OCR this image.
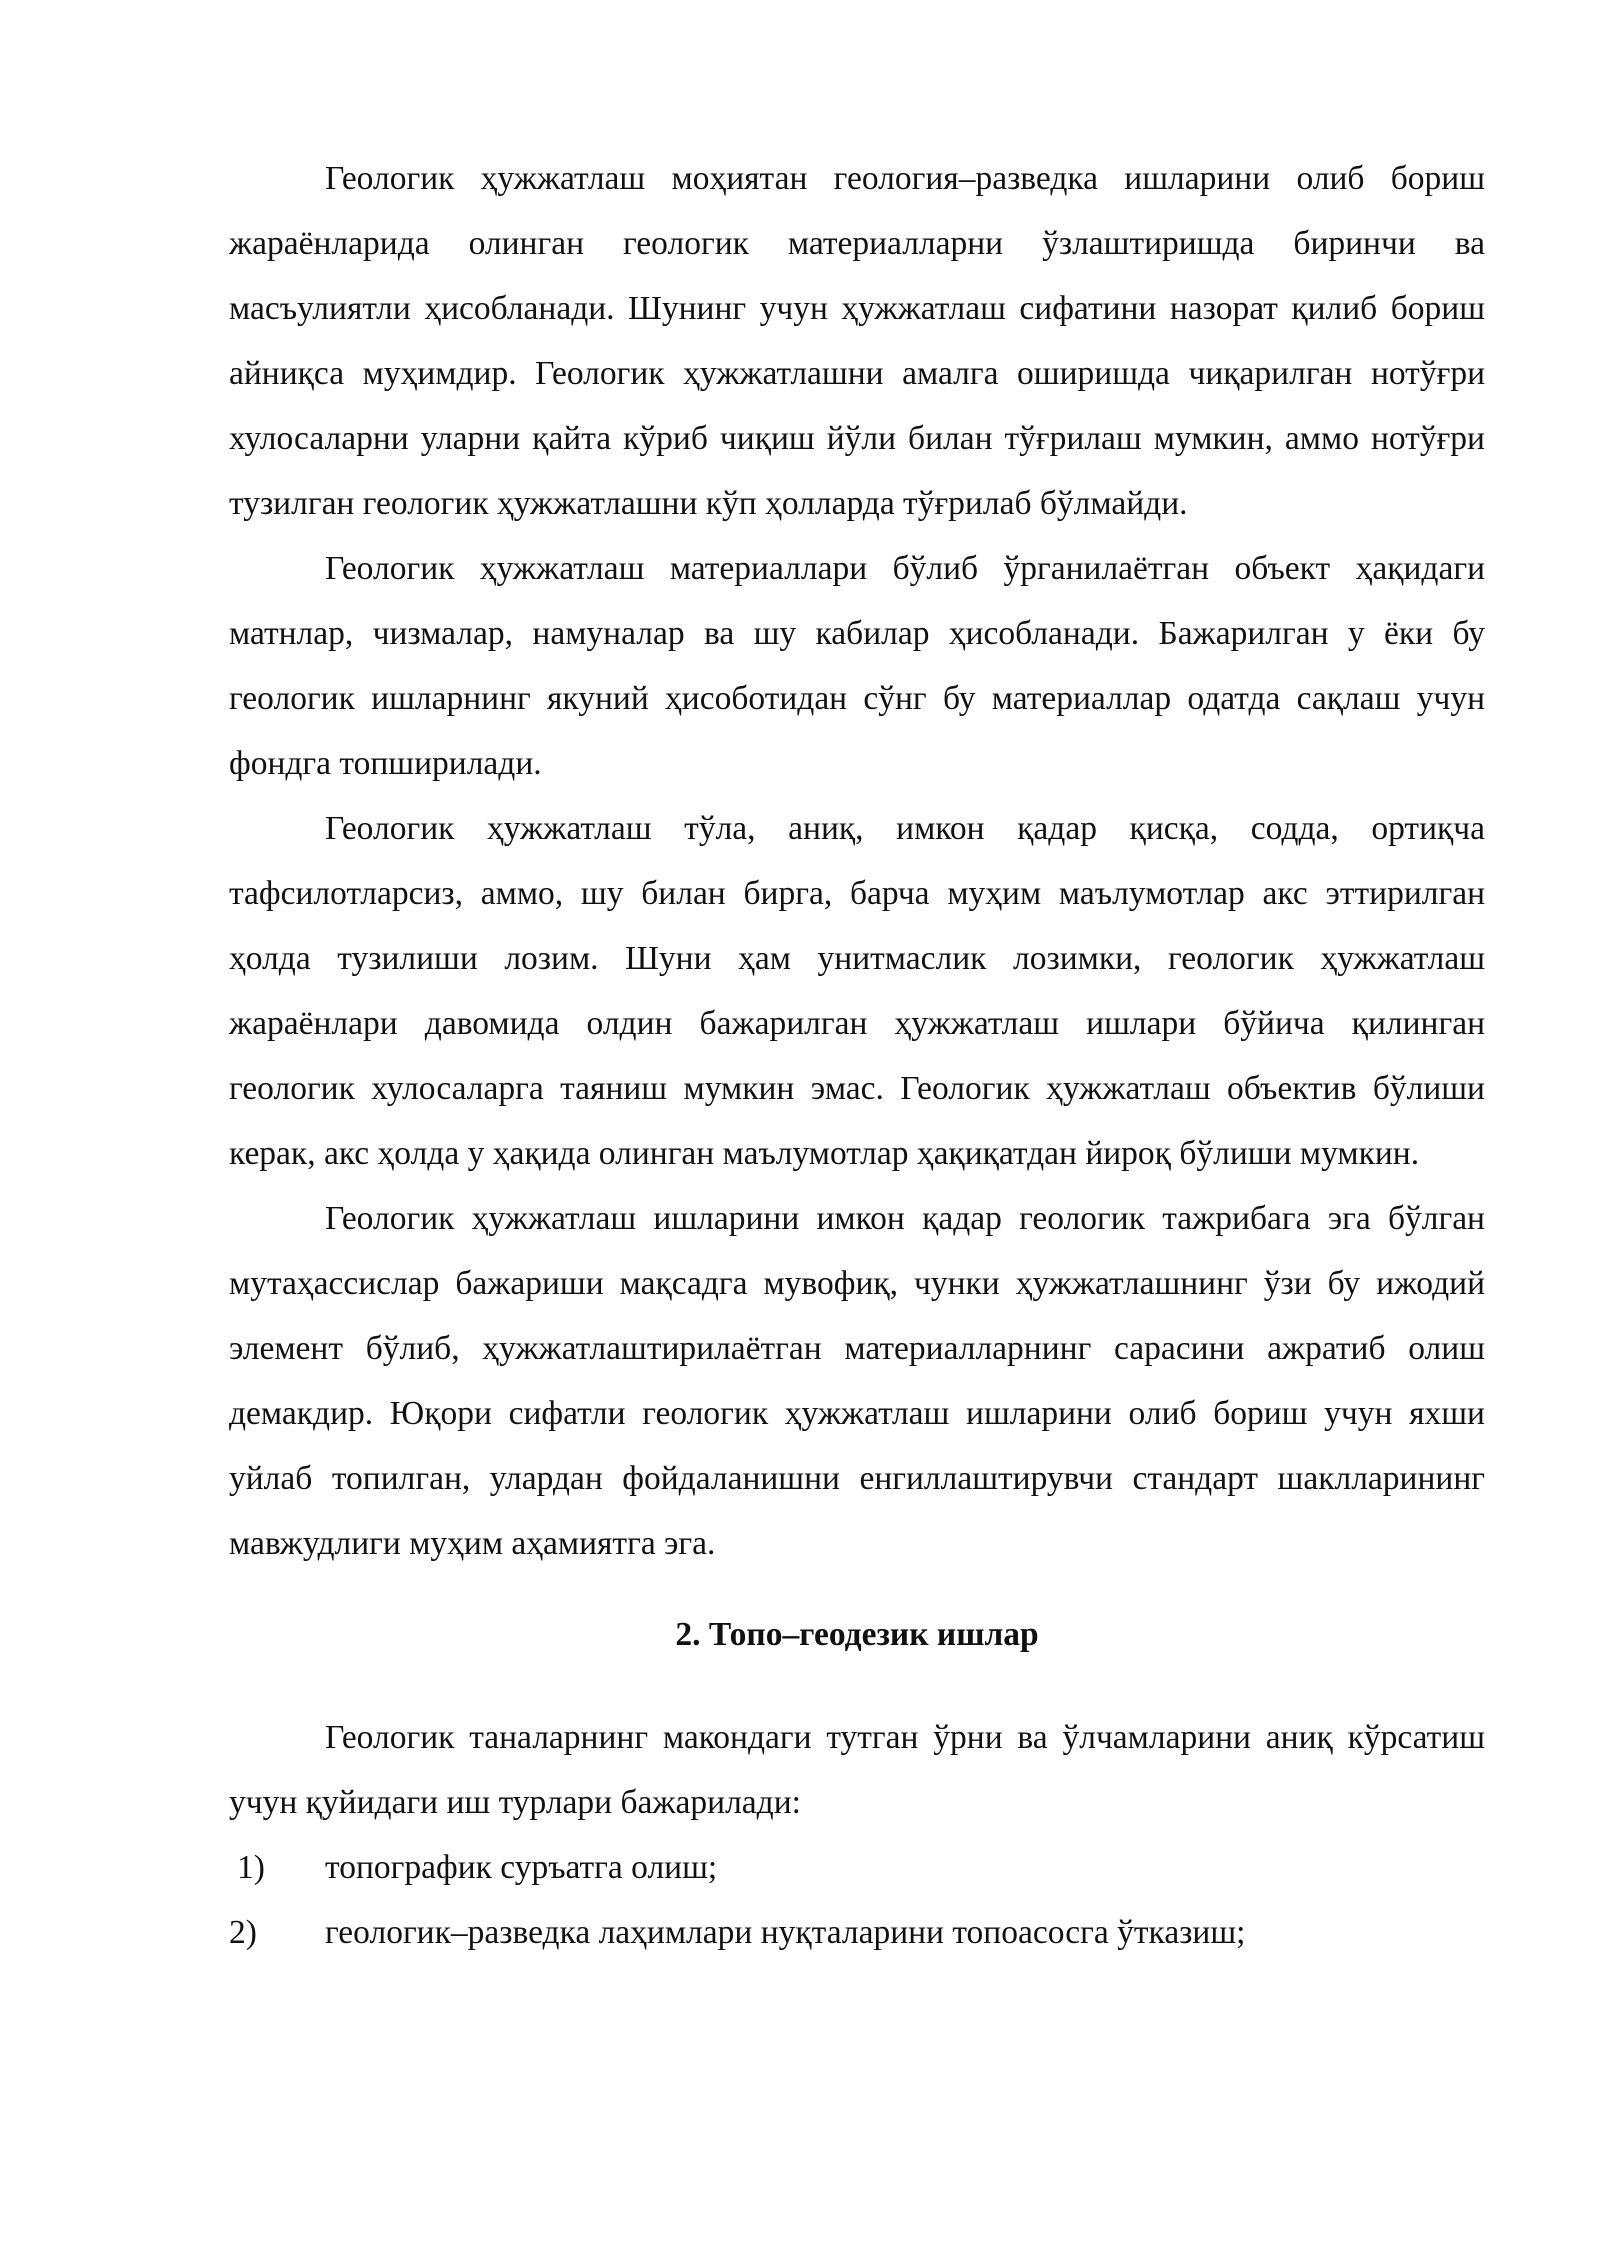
Геологик ҳужжатлаш моҳиятан геология–разведка ишларини олиб бориш жараёнларида олинган геологик материалларни ўзлаштиришда биринчи ва масъулиятли ҳисобланади. Шунинг учун ҳужжатлаш сифатини назорат қилиб бориш айниқса муҳимдир. Геологик ҳужжатлашни амалга оширишда чиқарилган нотўғри хулосаларни уларни қайта кўриб чиқиш йўли билан тўғрилаш мумкин, аммо нотўғри тузилган геологик ҳужжатлашни кўп ҳолларда тўғрилаб бўлмайди.

Геологик ҳужжатлаш материаллари бўлиб ўрганилаётган объект ҳақидаги матнлар, чизмалар, намуналар ва шу кабилар ҳисобланади. Бажарилган у ёки бу геологик ишларнинг якуний ҳисоботидан сўнг бу материаллар одатда сақлаш учун фондга топширилади.

Геологик ҳужжатлаш тўла, аниқ, имкон қадар қисқа, содда, ортиқча тафсилотларсиз, аммо, шу билан бирга, барча муҳим маълумотлар акс эттирилган ҳолда тузилиши лозим. Шуни ҳам унитмаслик лозимки, геологик ҳужжатлаш жараёнлари давомида олдин бажарилган ҳужжатлаш ишлари бўйича қилинган геологик хулосаларга таяниш мумкин эмас. Геологик ҳужжатлаш объектив бўлиши керак, акс ҳолда у ҳақида олинган маълумотлар ҳақиқатдан йироқ бўлиши мумкин.

Геологик ҳужжатлаш ишларини имкон қадар геологик тажрибага эга бўлган мутаҳассислар бажариши мақсадга мувофиқ, чунки ҳужжатлашнинг ўзи бу ижодий элемент бўлиб, ҳужжатлаштирилаётган материалларнинг сарасини ажратиб олиш демакдир. Юқори сифатли геологик ҳужжатлаш ишларини олиб бориш учун яхши уйлаб топилган, улардан фойдаланишни енгиллаштирувчи стандарт шаклларининг мавжудлиги муҳим аҳамиятга эга.

2. Топо–геодезик ишлар

Геологик таналарнинг макондаги тутган ўрни ва ўлчамларини аниқ кўрсатиш учун қуйидаги иш турлари бажарилади:

1)	топографик суръатга олиш;
2)	геологик–разведка лаҳимлари нуқталарини топоасосга ўтказиш;
